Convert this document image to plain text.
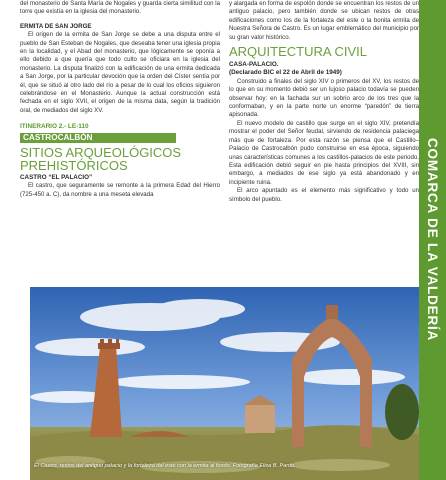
del monasterio de Santa María de Nogales y guarda cierta similitud con la torre que existía en la iglesia del monasterio.

ERMITA DE SAN JORGE

El origen de la ermita de San Jorge se debe a una disputa entre el pueblo de San Esteban de Nogales, que deseaba tener una iglesia propia en la localidad, y el Abad del monasterio, que lógicamente se oponía a ello debido a que quería que todo culto se oficiara en la iglesia del monasterio. La disputa finalizó con la edificación de una ermita dedicada a San Jorge, por la particular devoción que la orden del Císter sentía por él, que se situó al otro lado del río a pesar de lo cual los oficios siguieron celebrándose en el Monasterio. Aunque la actual construcción está fechada en el siglo XVII, el origen de la misma data, según la tradición oral, de mediados del siglo XV.

ITINERARIO 2.- LE-110

CASTROCALBÓN

SITIOS ARQUEOLÓGICOS PREHISTÓRICOS

CASTRO “EL PALACIO”

El castro, que seguramente se remonte a la primera Edad del Hierro (725-450 a. C), da nombre a una meseta elevada

y alargada en forma de espolón donde se encuentran los restos de un antiguo palacio, pero también donde se ubican restos de otras edificaciones como los de la fortaleza del este o la bonita ermita de Nuestra Señora de Castro. Es un lugar emblemático del municipio por su gran valor histórico.

ARQUITECTURA CIVIL

CASA-PALACIO.

(Declarado BIC el 22 de Abril de 1949)

Construido a finales del siglo XIV o primeros del XV, los restos de lo que en su momento debió ser un lujoso palacio todavía se pueden observar hoy: en la fachada sur un sobrio arco de los tres que la conformaban, y en la parte norte un enorme “paredón” de tierra apisonada.

El nuevo modelo de castillo que surge en el siglo XIV, pretendía mostrar el poder del Señor feudal, sirviendo de residencia palaciega más que de fortaleza. Por esta razón se piensa que el Castillo–Palacio de Castrocalbón pudo construirse en esa época, siguiendo unas características comunes a los castillos-palacios de este periodo. Esta edificación debió seguir en pie hasta principios del XVIII, sin embargo, a mediados de ese siglo ya está abandonado y en incipiente ruina.

El arco apuntado es el elemento más significativo y todo un símbolo del pueblo.	COMARCA DE LA VALDERÍA
El Castro, restos del antiguo palacio y la fortaleza del este con la ermita al fondo. Fotografía Elisa B. Pardo.
